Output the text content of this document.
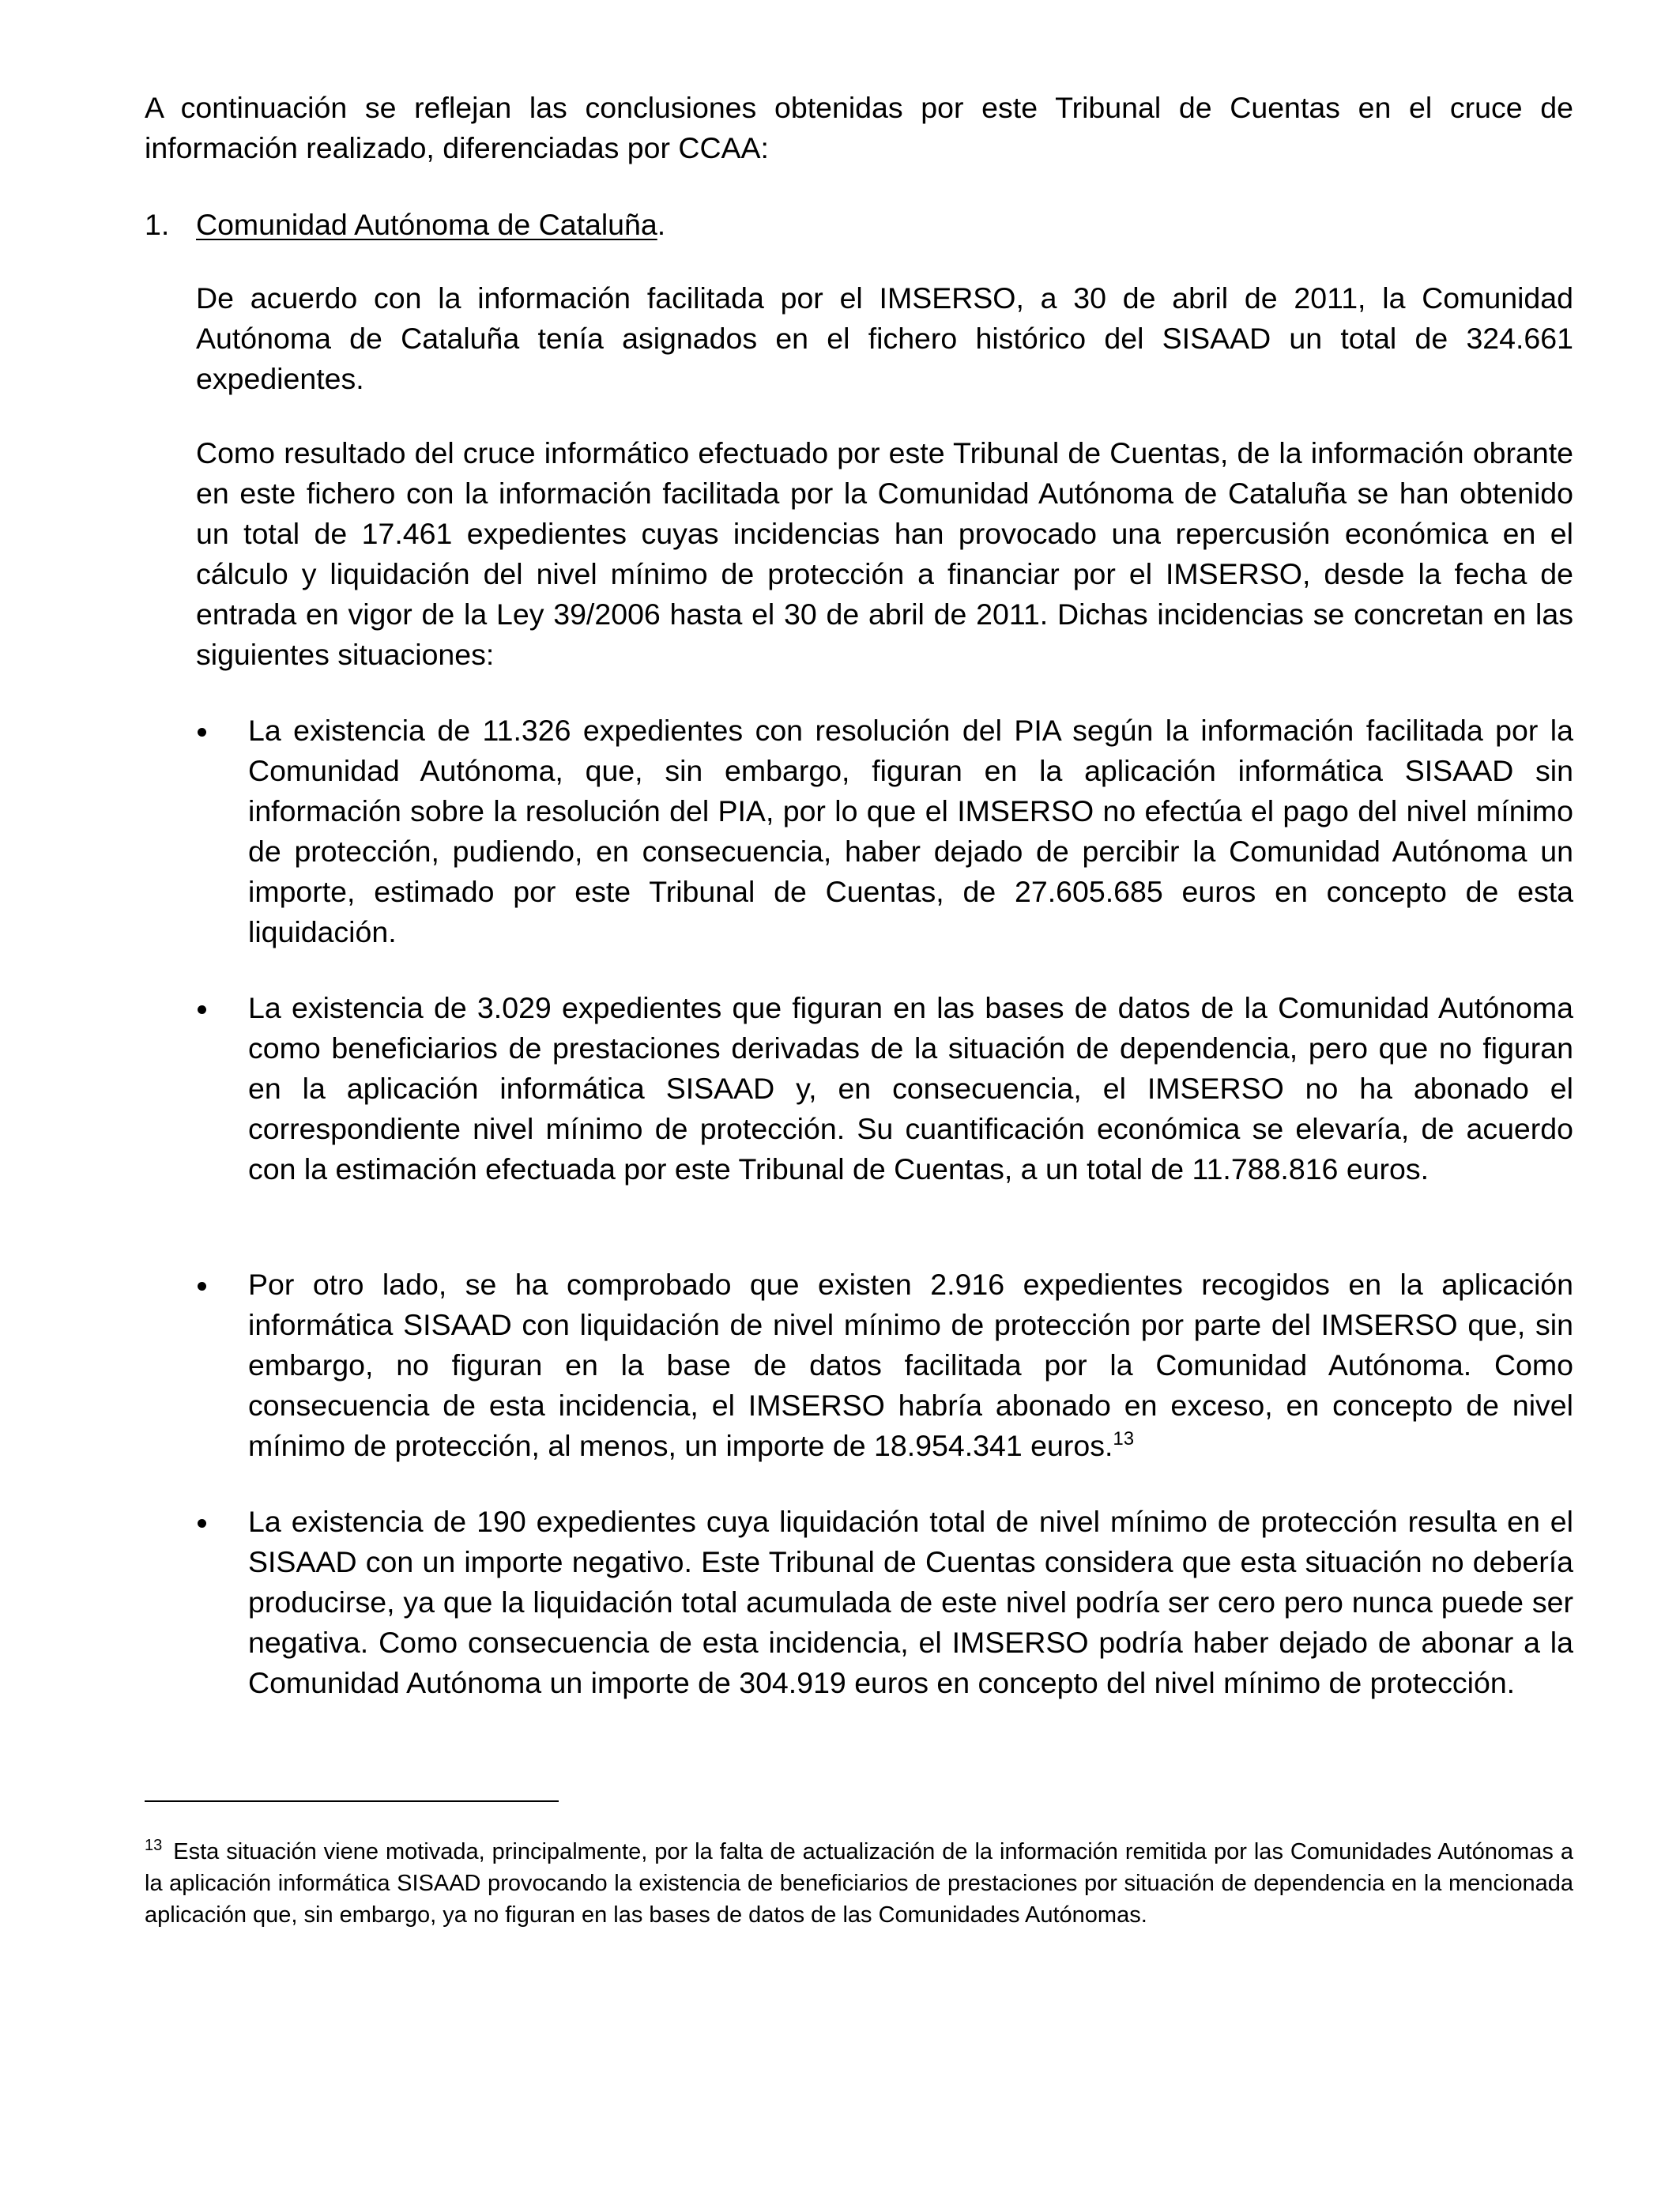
A continuación se reflejan las conclusiones obtenidas por este Tribunal de Cuentas en el cruce de información realizado, diferenciadas por CCAA:

1. Comunidad Autónoma de Cataluña.

De acuerdo con la información facilitada por el IMSERSO, a 30 de abril de 2011, la Comunidad Autónoma de Cataluña tenía asignados en el fichero histórico del SISAAD un total de 324.661 expedientes.

Como resultado del cruce informático efectuado por este Tribunal de Cuentas, de la información obrante en este fichero con la información facilitada por la Comunidad Autónoma de Cataluña se han obtenido un total de 17.461 expedientes cuyas incidencias han provocado una repercusión económica en el cálculo y liquidación del nivel mínimo de protección a financiar por el IMSERSO, desde la fecha de entrada en vigor de la Ley 39/2006 hasta el 30 de abril de 2011. Dichas incidencias se concretan en las siguientes situaciones:

La existencia de 11.326 expedientes con resolución del PIA según la información facilitada por la Comunidad Autónoma, que, sin embargo, figuran en la aplicación informática SISAAD sin información sobre la resolución del PIA, por lo que el IMSERSO no efectúa el pago del nivel mínimo de protección, pudiendo, en consecuencia, haber dejado de percibir la Comunidad Autónoma un importe, estimado por este Tribunal de Cuentas, de 27.605.685 euros en concepto de esta liquidación.

La existencia de 3.029 expedientes que figuran en las bases de datos de la Comunidad Autónoma como beneficiarios de prestaciones derivadas de la situación de dependencia, pero que no figuran en la aplicación informática SISAAD y, en consecuencia, el IMSERSO no ha abonado el correspondiente nivel mínimo de protección. Su cuantificación económica se elevaría, de acuerdo con la estimación efectuada por este Tribunal de Cuentas, a un total de 11.788.816 euros.

Por otro lado, se ha comprobado que existen 2.916 expedientes recogidos en la aplicación informática SISAAD con liquidación de nivel mínimo de protección por parte del IMSERSO que, sin embargo, no figuran en la base de datos facilitada por la Comunidad Autónoma. Como consecuencia de esta incidencia, el IMSERSO habría abonado en exceso, en concepto de nivel mínimo de protección, al menos, un importe de 18.954.341 euros.$^{13}$

La existencia de 190 expedientes cuya liquidación total de nivel mínimo de protección resulta en el SISAAD con un importe negativo. Este Tribunal de Cuentas considera que esta situación no debería producirse, ya que la liquidación total acumulada de este nivel podría ser cero pero nunca puede ser negativa. Como consecuencia de esta incidencia, el IMSERSO podría haber dejado de abonar a la Comunidad Autónoma un importe de 304.919 euros en concepto del nivel mínimo de protección.

$^{13}$ Esta situación viene motivada, principalmente, por la falta de actualización de la información remitida por las Comunidades Autónomas a la aplicación informática SISAAD provocando la existencia de beneficiarios de prestaciones por situación de dependencia en la mencionada aplicación que, sin embargo, ya no figuran en las bases de datos de las Comunidades Autónomas.
